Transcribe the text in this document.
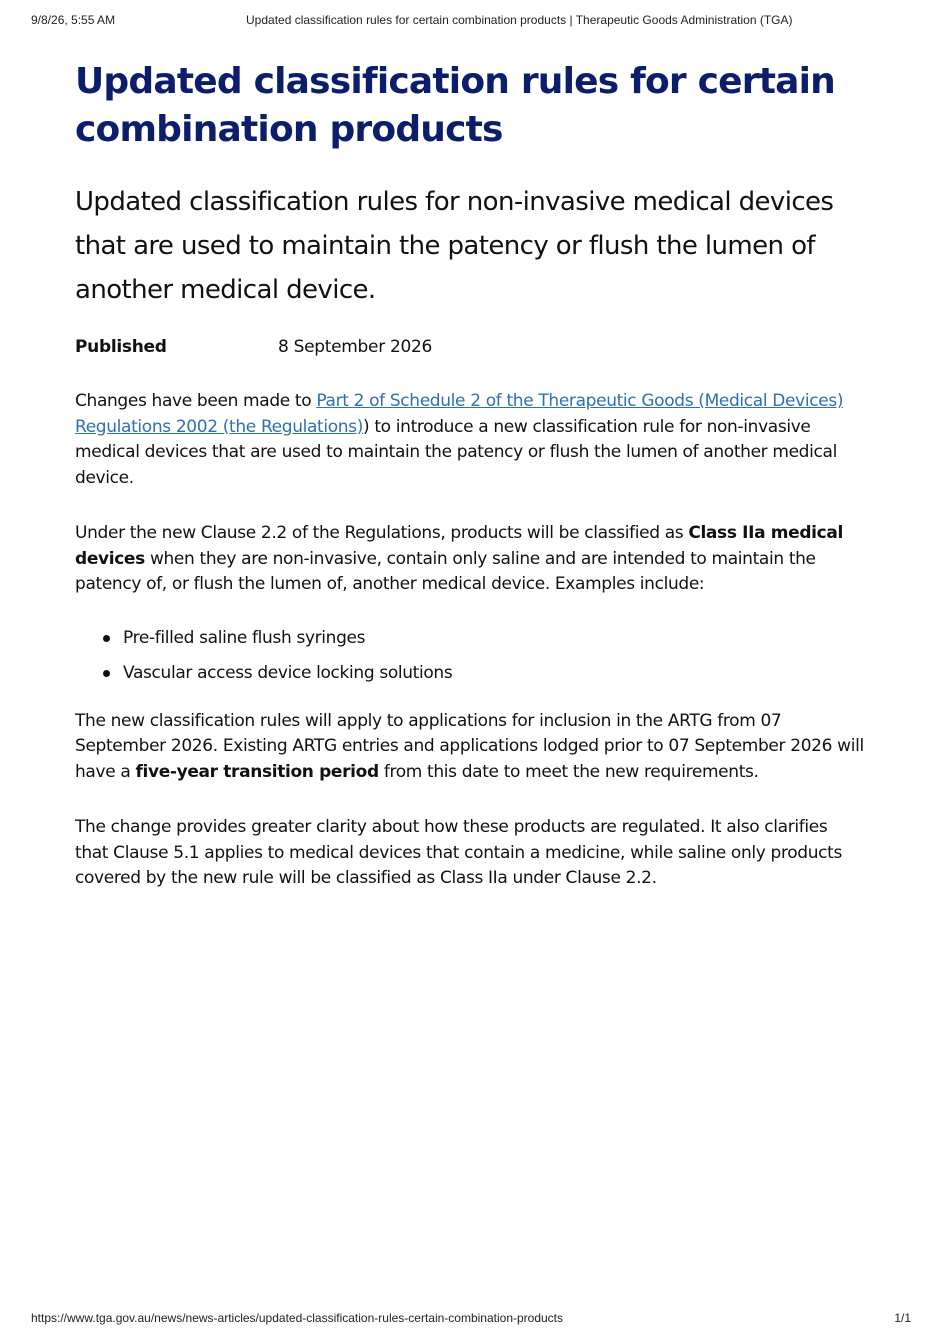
9/8/26, 5:55 AM	Updated classification rules for certain combination products | Therapeutic Goods Administration (TGA)
Updated classification rules for certain combination products

Updated classification rules for non-invasive medical devices that are used to maintain the patency or flush the lumen of another medical device.

Published	8 September 2026

Changes have been made to Part 2 of Schedule 2 of the Therapeutic Goods (Medical Devices) Regulations 2002 (the Regulations)) to introduce a new classification rule for non-invasive medical devices that are used to maintain the patency or flush the lumen of another medical device.

Under the new Clause 2.2 of the Regulations, products will be classified as Class IIa medical devices when they are non-invasive, contain only saline and are intended to maintain the patency of, or flush the lumen of, another medical device. Examples include:

Pre-filled saline flush syringes
Vascular access device locking solutions

The new classification rules will apply to applications for inclusion in the ARTG from 07 September 2026. Existing ARTG entries and applications lodged prior to 07 September 2026 will have a five-year transition period from this date to meet the new requirements.

The change provides greater clarity about how these products are regulated. It also clarifies that Clause 5.1 applies to medical devices that contain a medicine, while saline only products covered by the new rule will be classified as Class IIa under Clause 2.2.

https://www.tga.gov.au/news/news-articles/updated-classification-rules-certain-combination-products	1/1
